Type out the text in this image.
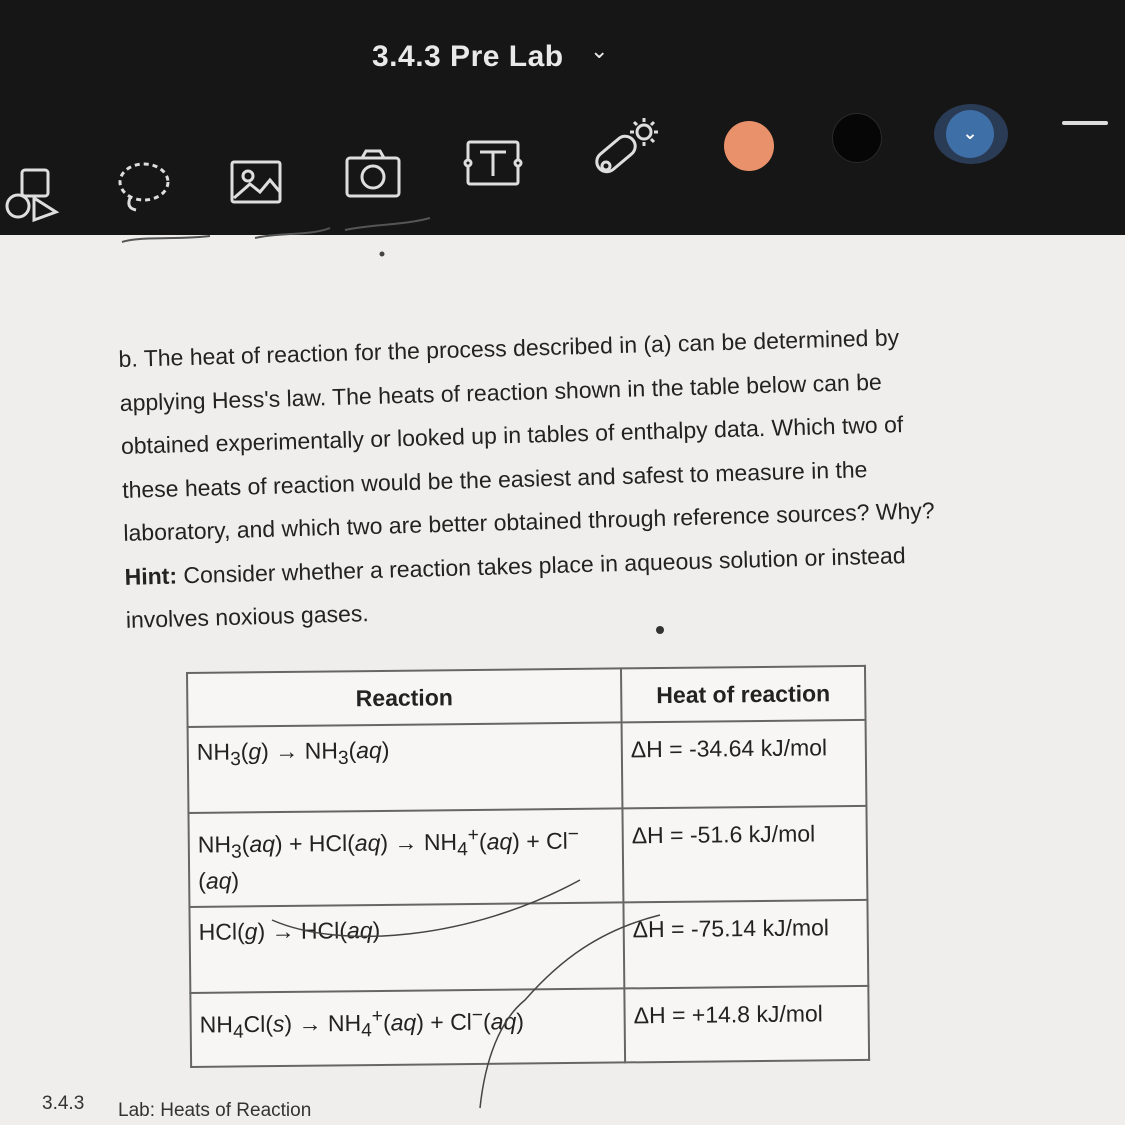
3.4.3 Pre Lab ⌄
⌄
b. The heat of reaction for the process described in (a) can be determined by applying Hess's law. The heats of reaction shown in the table below can be obtained experimentally or looked up in tables of enthalpy data. Which two of these heats of reaction would be the easiest and safest to measure in the laboratory, and which two are better obtained through reference sources? Why? Hint: Consider whether a reaction takes place in aqueous solution or instead involves noxious gases.
Reaction	Heat of reaction
$NH_3(g) \to NH_3(aq)$	ΔH = -34.64 kJ/mol
$NH_3(aq) + HCl(aq) \to NH_4^+(aq) + Cl^-$ (aq)	ΔH = -51.6 kJ/mol
HCl(g) → HCl(aq)	ΔH = -75.14 kJ/mol
$NH_4Cl(s) \to NH_4^+(aq) + Cl^-(aq)$	ΔH = +14.8 kJ/mol
3.4.3 Lab: Heats of Reaction
